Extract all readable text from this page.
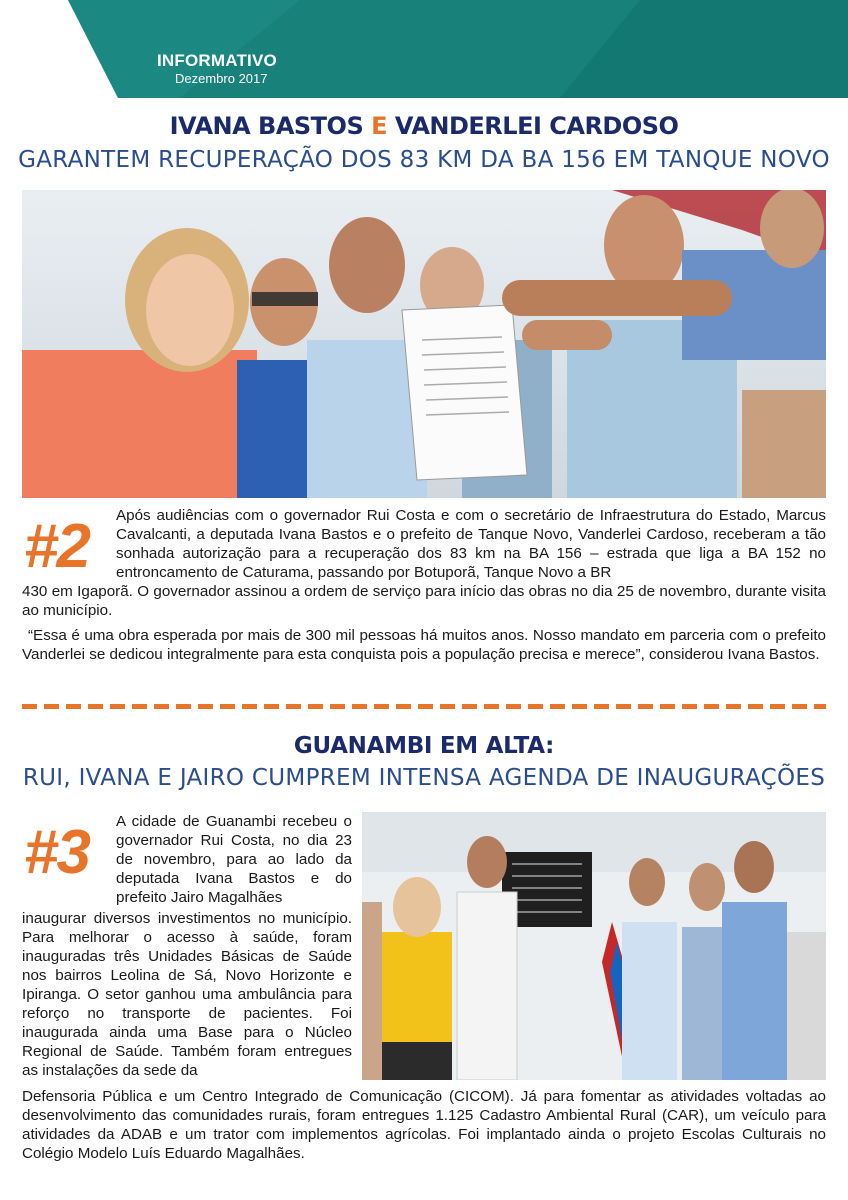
INFORMATIVO
Dezembro 2017
IVANA BASTOS E VANDERLEI CARDOSO
GARANTEM RECUPERAÇÃO DOS 83 KM DA BA 156 EM TANQUE NOVO
#2 Após audiências com o governador Rui Costa e com o secretário de Infraestrutura do Estado, Marcus Cavalcanti, a deputada Ivana Bastos e o prefeito de Tanque Novo, Vanderlei Cardoso, receberam a tão sonhada autorização para a recuperação dos 83 km na BA 156 – estrada que liga a BA 152 no entroncamento de Caturama, passando por Botuporã, Tanque Novo a BR

430 em Igaporã. O governador assinou a ordem de serviço para início das obras no dia 25 de novembro, durante visita ao município.

“Essa é uma obra esperada por mais de 300 mil pessoas há muitos anos. Nosso mandato em parceria com o prefeito Vanderlei se dedicou integralmente para esta conquista pois a população precisa e merece”, considerou Ivana Bastos.

GUANAMBI EM ALTA:
RUI, IVANA E JAIRO CUMPREM INTENSA AGENDA DE INAUGURAÇÕES
#3 A cidade de Guanambi recebeu o governador Rui Costa, no dia 23 de novembro, para ao lado da deputada Ivana Bastos e do prefeito Jairo Magalhães

inaugurar diversos investimentos no município. Para melhorar o acesso à saúde, foram inauguradas três Unidades Básicas de Saúde nos bairros Leolina de Sá, Novo Horizonte e Ipiranga. O setor ganhou uma ambulância para reforço no transporte de pacientes. Foi inaugurada ainda uma Base para o Núcleo Regional de Saúde. Também foram entregues as instalações da sede da

Defensoria Pública e um Centro Integrado de Comunicação (CICOM). Já para fomentar as atividades voltadas ao desenvolvimento das comunidades rurais, foram entregues 1.125 Cadastro Ambiental Rural (CAR), um veículo para atividades da ADAB e um trator com implementos agrícolas. Foi implantado ainda o projeto Escolas Culturais no Colégio Modelo Luís Eduardo Magalhães.
